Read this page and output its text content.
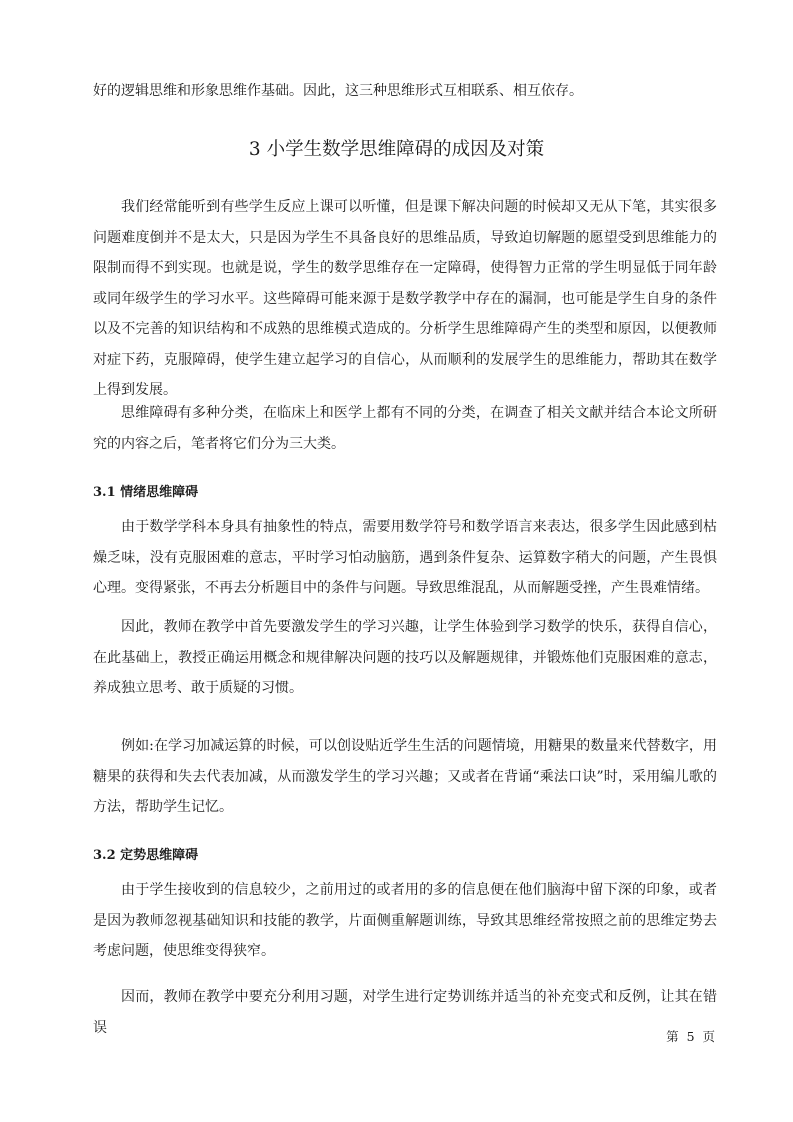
好的逻辑思维和形象思维作基础。因此，这三种思维形式互相联系、相互依存。

3 小学生数学思维障碍的成因及对策

我们经常能听到有些学生反应上课可以听懂，但是课下解决问题的时候却又无从下笔，其实很多问题难度倒并不是太大，只是因为学生不具备良好的思维品质，导致迫切解题的愿望受到思维能力的限制而得不到实现。也就是说，学生的数学思维存在一定障碍，使得智力正常的学生明显低于同年龄或同年级学生的学习水平。这些障碍可能来源于是数学教学中存在的漏洞，也可能是学生自身的条件以及不完善的知识结构和不成熟的思维模式造成的。分析学生思维障碍产生的类型和原因，以便教师对症下药，克服障碍，使学生建立起学习的自信心，从而顺利的发展学生的思维能力，帮助其在数学上得到发展。

思维障碍有多种分类，在临床上和医学上都有不同的分类，在调查了相关文献并结合本论文所研究的内容之后，笔者将它们分为三大类。

3.1 情绪思维障碍

由于数学学科本身具有抽象性的特点，需要用数学符号和数学语言来表达，很多学生因此感到枯燥乏味，没有克服困难的意志，平时学习怕动脑筋，遇到条件复杂、运算数字稍大的问题，产生畏惧心理。变得紧张，不再去分析题目中的条件与问题。导致思维混乱，从而解题受挫，产生畏难情绪。

因此，教师在教学中首先要激发学生的学习兴趣，让学生体验到学习数学的快乐，获得自信心，在此基础上，教授正确运用概念和规律解决问题的技巧以及解题规律，并锻炼他们克服困难的意志，养成独立思考、敢于质疑的习惯。

例如:在学习加减运算的时候，可以创设贴近学生生活的问题情境，用糖果的数量来代替数字，用糖果的获得和失去代表加减，从而激发学生的学习兴趣；又或者在背诵“乘法口诀”时，采用编儿歌的方法，帮助学生记忆。

3.2 定势思维障碍

由于学生接收到的信息较少，之前用过的或者用的多的信息便在他们脑海中留下深的印象，或者是因为教师忽视基础知识和技能的教学，片面侧重解题训练，导致其思维经常按照之前的思维定势去考虑问题，使思维变得狭窄。

因而，教师在教学中要充分利用习题，对学生进行定势训练并适当的补充变式和反例，让其在错误

第 5 页
